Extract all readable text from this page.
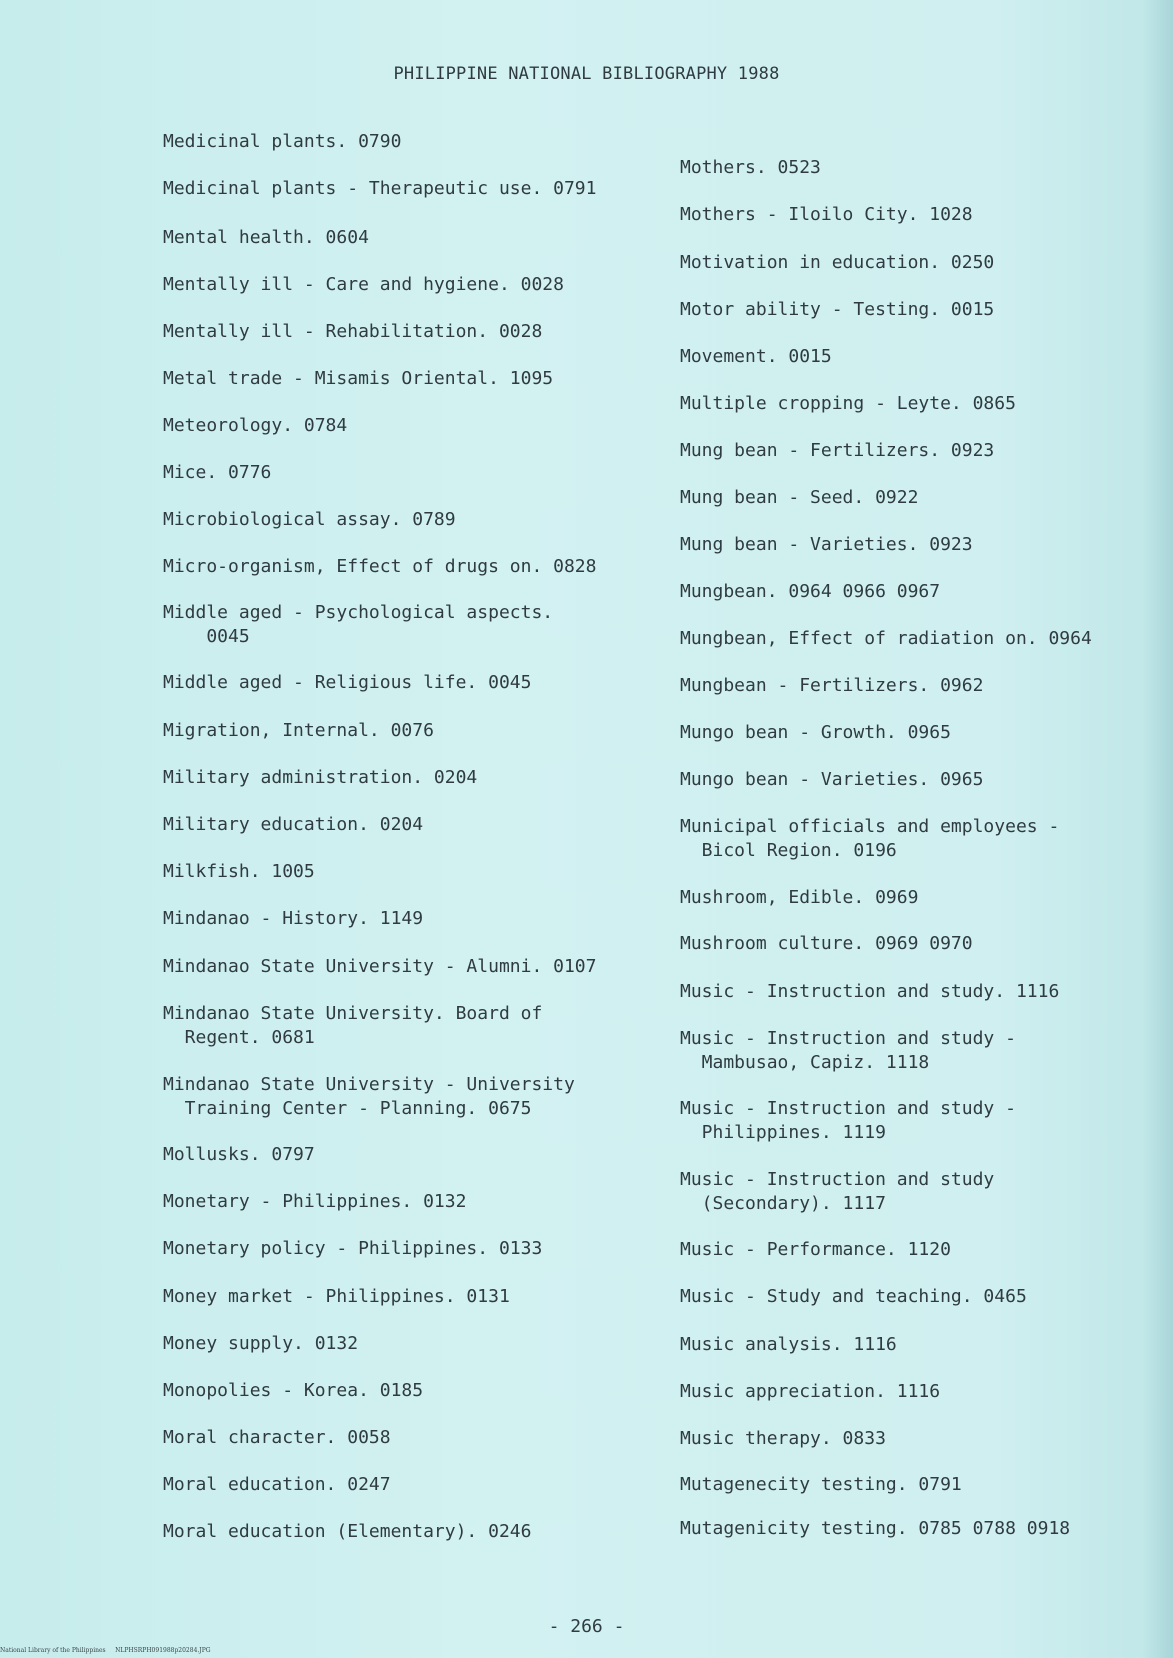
PHILIPPINE NATIONAL BIBLIOGRAPHY 1988
Medicinal plants. 0790
Medicinal plants - Therapeutic use. 0791
Mental health. 0604
Mentally ill - Care and hygiene. 0028
Mentally ill - Rehabilitation. 0028
Metal trade - Misamis Oriental. 1095
Meteorology. 0784
Mice. 0776
Microbiological assay. 0789
Micro-organism, Effect of drugs on. 0828
Middle aged - Psychological aspects.
0045
Middle aged - Religious life. 0045
Migration, Internal. 0076
Military administration. 0204
Military education. 0204
Milkfish. 1005
Mindanao - History. 1149
Mindanao State University - Alumni. 0107
Mindanao State University. Board of
Regent. 0681
Mindanao State University - University
Training Center - Planning. 0675
Mollusks. 0797
Monetary - Philippines. 0132
Monetary policy - Philippines. 0133
Money market - Philippines. 0131
Money supply. 0132
Monopolies - Korea. 0185
Moral character. 0058
Moral education. 0247
Moral education (Elementary). 0246
Mothers. 0523
Mothers - Iloilo City. 1028
Motivation in education. 0250
Motor ability - Testing. 0015
Movement. 0015
Multiple cropping - Leyte. 0865
Mung bean - Fertilizers. 0923
Mung bean - Seed. 0922
Mung bean - Varieties. 0923
Mungbean. 0964 0966 0967
Mungbean, Effect of radiation on. 0964
Mungbean - Fertilizers. 0962
Mungo bean - Growth. 0965
Mungo bean - Varieties. 0965
Municipal officials and employees -
Bicol Region. 0196
Mushroom, Edible. 0969
Mushroom culture. 0969 0970
Music - Instruction and study. 1116
Music - Instruction and study -
Mambusao, Capiz. 1118
Music - Instruction and study -
Philippines. 1119
Music - Instruction and study
(Secondary). 1117
Music - Performance. 1120
Music - Study and teaching. 0465
Music analysis. 1116
Music appreciation. 1116
Music therapy. 0833
Mutagenecity testing. 0791
Mutagenicity testing. 0785 0788 0918
- 266 -
National Library of the Philippines     NLPHSRPH091988p20284.JPG
